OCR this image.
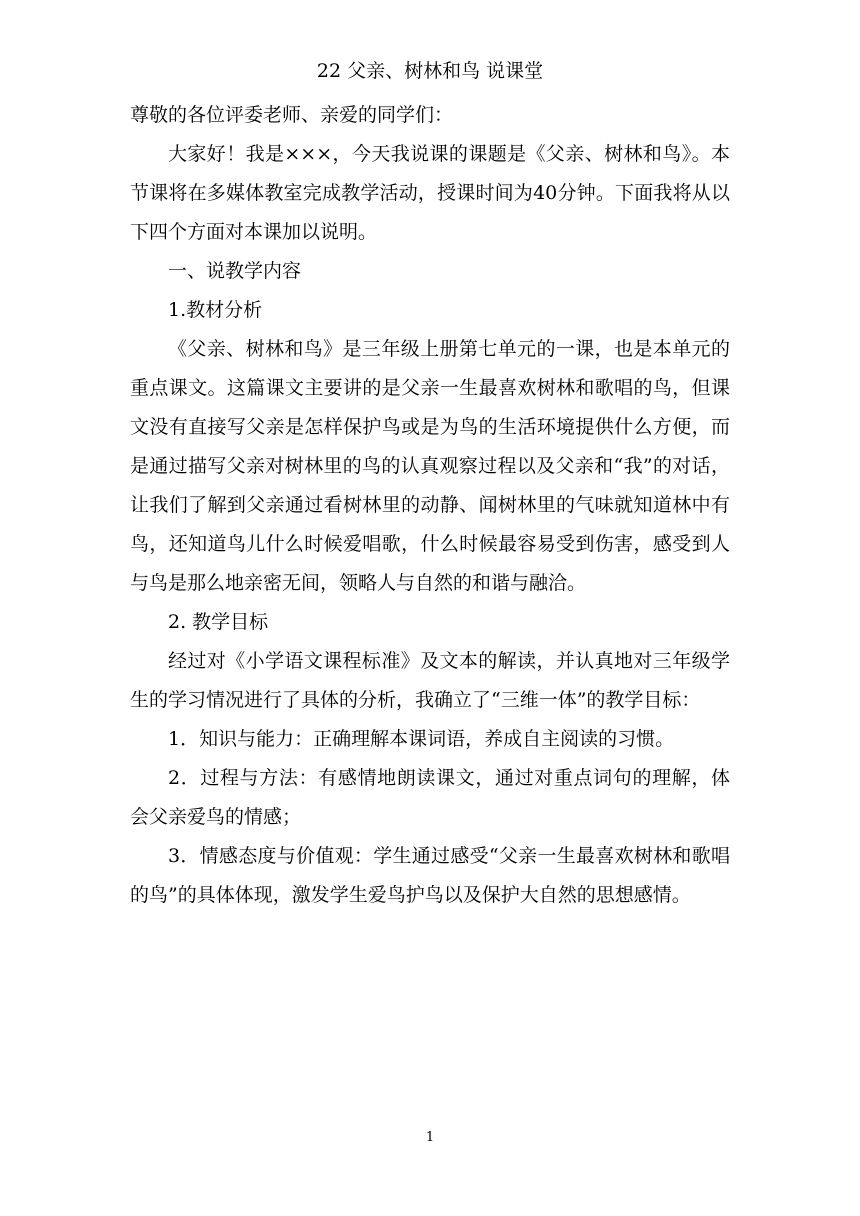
22 父亲、树林和鸟 说课堂

尊敬的各位评委老师、亲爱的同学们：

大家好！我是×××，今天我说课的课题是《父亲、树林和鸟》。本节课将在多媒体教室完成教学活动，授课时间为40分钟。下面我将从以下四个方面对本课加以说明。

一、说教学内容

1.教材分析

《父亲、树林和鸟》是三年级上册第七单元的一课，也是本单元的重点课文。这篇课文主要讲的是父亲一生最喜欢树林和歌唱的鸟，但课文没有直接写父亲是怎样保护鸟或是为鸟的生活环境提供什么方便，而是通过描写父亲对树林里的鸟的认真观察过程以及父亲和“我”的对话，让我们了解到父亲通过看树林里的动静、闻树林里的气味就知道林中有鸟，还知道鸟儿什么时候爱唱歌，什么时候最容易受到伤害，感受到人与鸟是那么地亲密无间，领略人与自然的和谐与融洽。

2. 教学目标

经过对《小学语文课程标准》及文本的解读，并认真地对三年级学生的学习情况进行了具体的分析，我确立了“三维一体”的教学目标：

1．知识与能力：正确理解本课词语，养成自主阅读的习惯。

2．过程与方法：有感情地朗读课文，通过对重点词句的理解，体会父亲爱鸟的情感；

3．情感态度与价值观：学生通过感受“父亲一生最喜欢树林和歌唱的鸟”的具体体现，激发学生爱鸟护鸟以及保护大自然的思想感情。

1
